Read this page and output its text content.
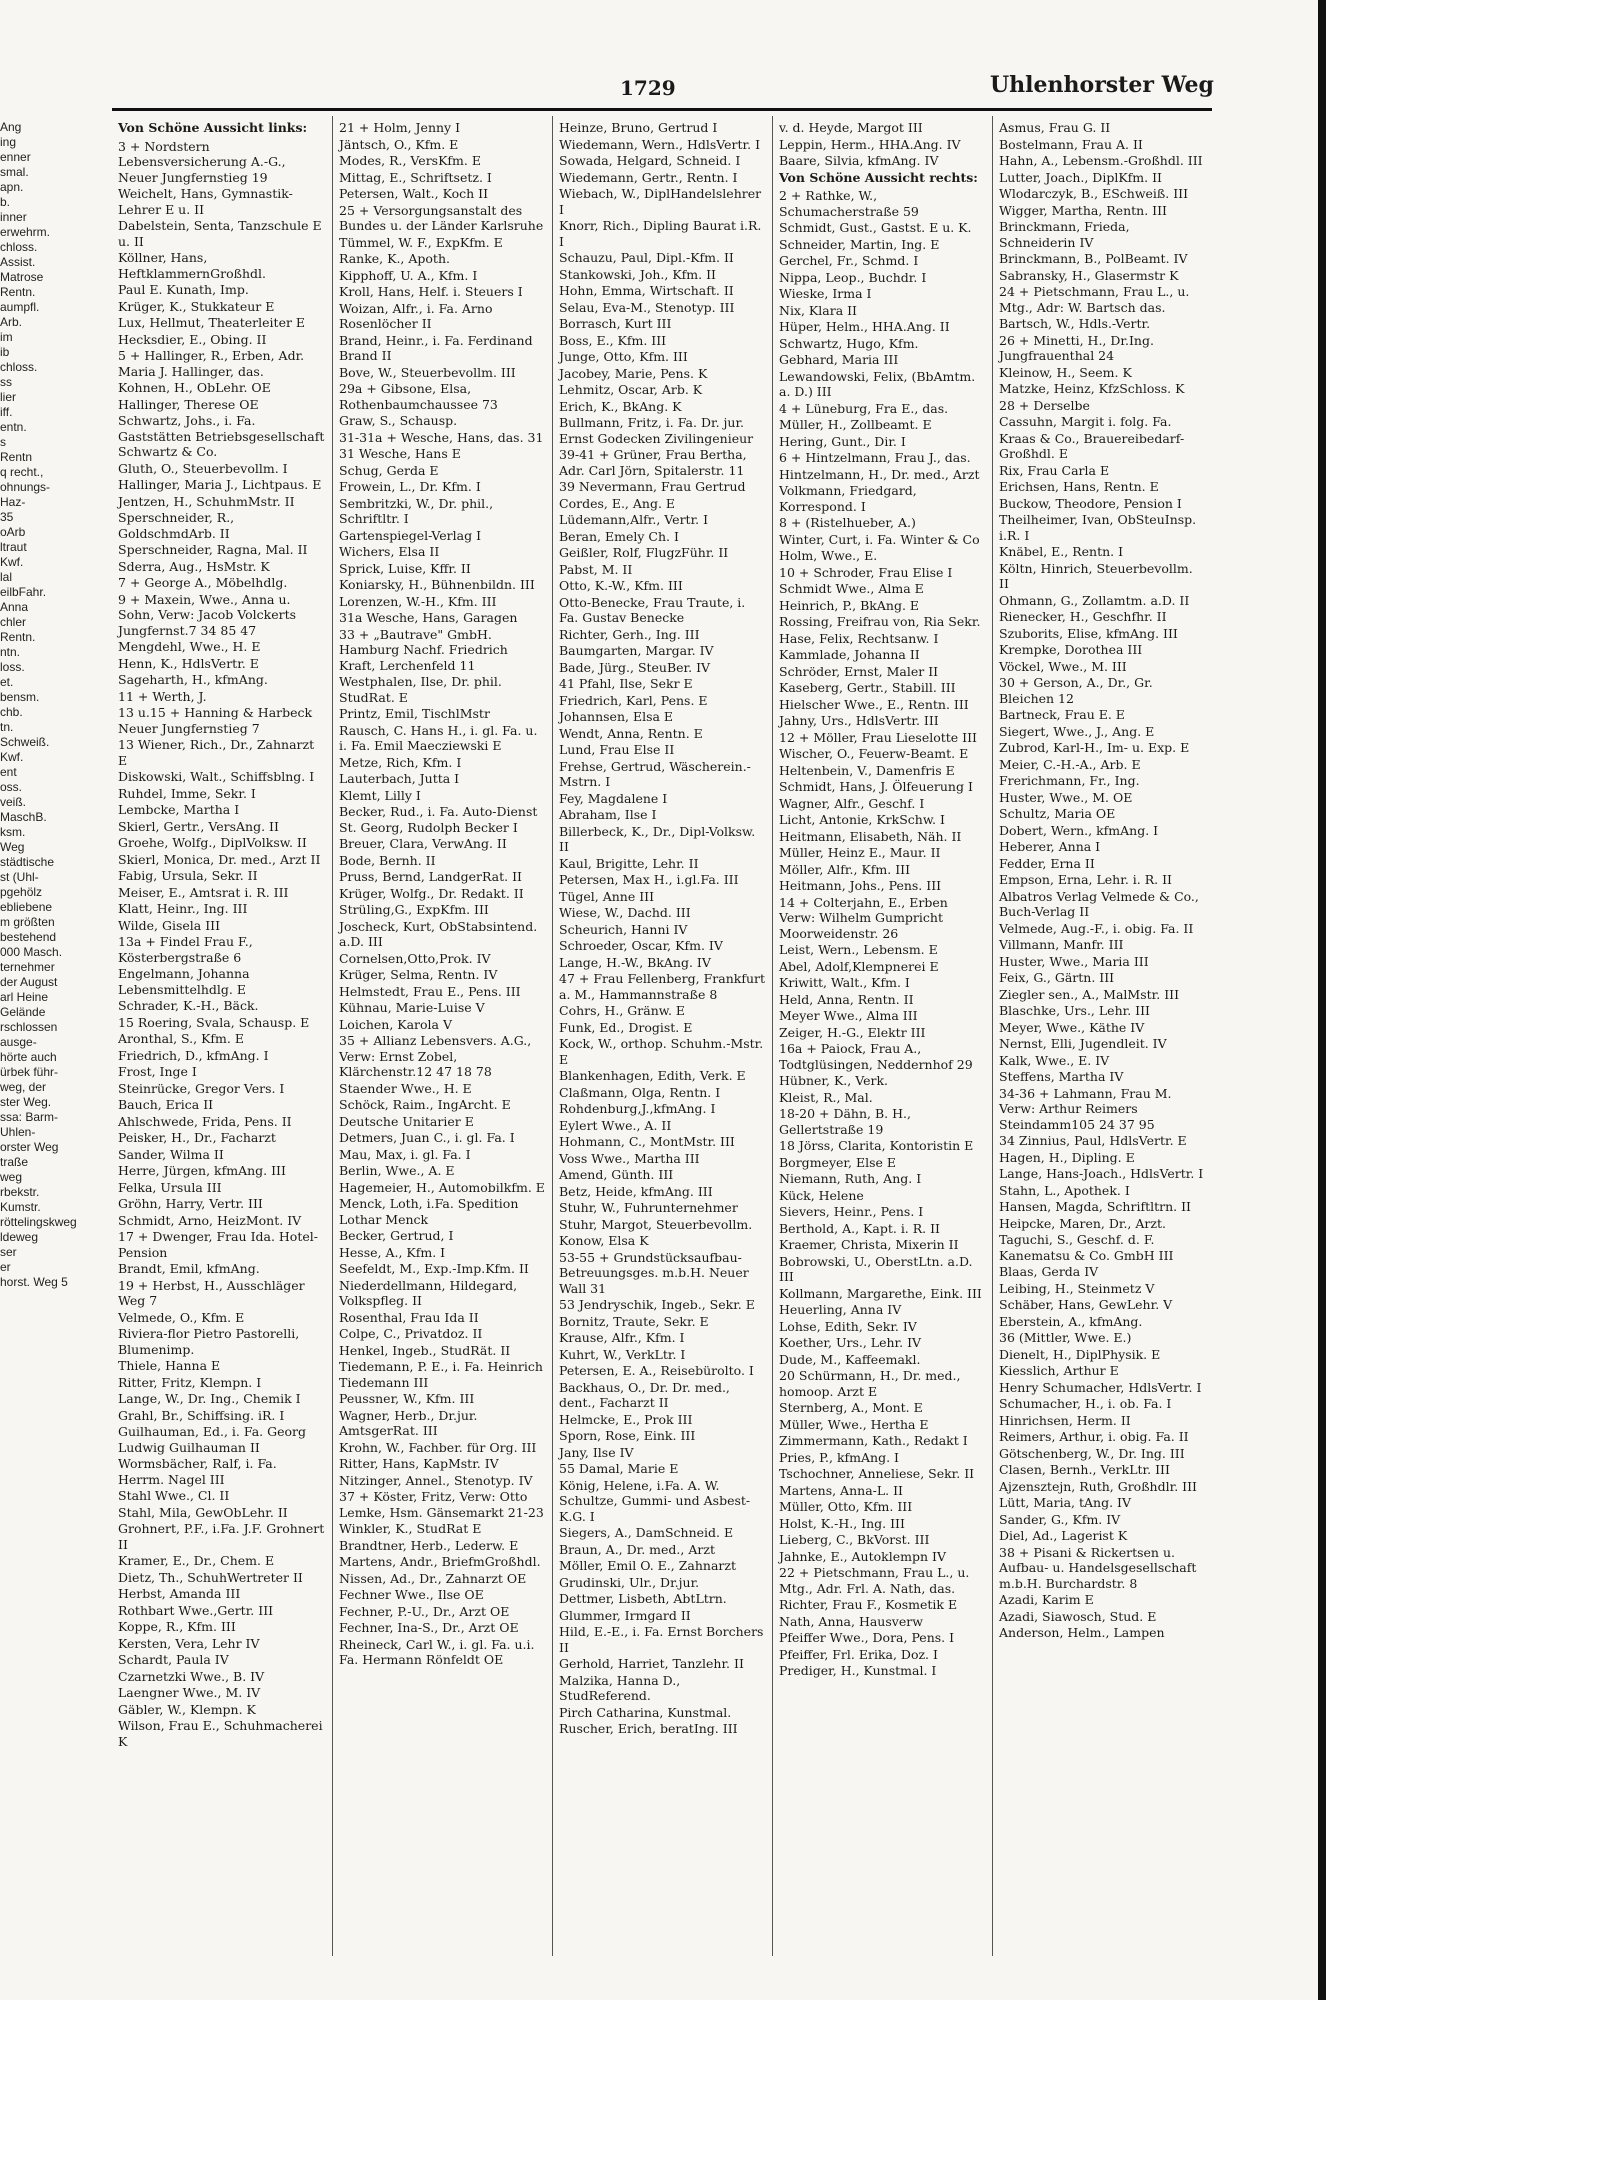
Ang
ing
enner
smal.
apn.
b.
inner
erwehrm.
chloss.
Assist.
Matrose
Rentn.
aumpfl.
Arb.
im
ib
chloss.
ss
lier
iff.
entn.
s
Rentn
q recht.,
ohnungs-
Haz-
35
oArb
ltraut
Kwf.
lal
eilbFahr.
Anna
chler
Rentn.
ntn.
loss.
et.
bensm.
chb.
tn.
Schweiß.
Kwf.
ent
oss.
veiß.
MaschB.
ksm.
Weg
städtische
st (Uhl-
pgehölz
ebliebene
m größten
bestehend
000 Masch.
ternehmer
der August
arl Heine
Gelände
rschlossen
ausge-
hörte auch
ürbek führ-
weg, der
ster Weg.
ssa: Barm-
Uhlen-
orster Weg
traße
weg
rbekstr.
Kumstr.
röttelingskweg
ldeweg
ser
er
horst. Weg 5
1729	Uhlenhorster Weg
Von Schöne Aussicht links:
3 + Nordstern Lebensversicherung A.-G., Neuer Jungfernstieg 19
Weichelt, Hans, Gymnastik-Lehrer E u. II
Dabelstein, Senta, Tanzschule E u. II
Köllner, Hans, HeftklammernGroßhdl.
Paul E. Kunath, Imp.
Krüger, K., Stukkateur E
Lux, Hellmut, Theaterleiter E
Hecksdier, E., Obing. II
5 + Hallinger, R., Erben, Adr. Maria J. Hallinger, das.
Kohnen, H., ObLehr. OE
Hallinger, Therese OE
Schwartz, Johs., i. Fa. Gaststätten Betriebsgesellschaft Schwartz & Co.
Gluth, O., Steuerbevollm. I
Hallinger, Maria J., Lichtpaus. E
Jentzen, H., SchuhmMstr. II
Sperschneider, R., GoldschmdArb. II
Sperschneider, Ragna, Mal. II
Sderra, Aug., HsMstr. K
7 + George A., Möbelhdlg.
9 + Maxein, Wwe., Anna u. Sohn, Verw: Jacob Volckerts Jungfernst.7 34 85 47
Mengdehl, Wwe., H. E
Henn, K., HdlsVertr. E
Sageharth, H., kfmAng.
11 + Werth, J.
13 u.15 + Hanning & Harbeck Neuer Jungfernstieg 7
13 Wiener, Rich., Dr., Zahnarzt E
Diskowski, Walt., Schiffsblng. I
Ruhdel, Imme, Sekr. I
Lembcke, Martha I
Skierl, Gertr., VersAng. II
Groehe, Wolfg., DiplVolksw. II
Skierl, Monica, Dr. med., Arzt II
Fabig, Ursula, Sekr. II
Meiser, E., Amtsrat i. R. III
Klatt, Heinr., Ing. III
Wilde, Gisela III
13a + Findel Frau F., Kösterbergstraße 6
Engelmann, Johanna Lebensmittelhdlg. E
Schrader, K.-H., Bäck.
15 Roering, Svala, Schausp. E
Aronthal, S., Kfm. E
Friedrich, D., kfmAng. I
Frost, Inge I
Steinrücke, Gregor Vers. I
Bauch, Erica II
Ahlschwede, Frida, Pens. II
Peisker, H., Dr., Facharzt
Sander, Wilma II
Herre, Jürgen, kfmAng. III
Felka, Ursula III
Gröhn, Harry, Vertr. III
Schmidt, Arno, HeizMont. IV
17 + Dwenger, Frau Ida. Hotel-Pension
Brandt, Emil, kfmAng.
19 + Herbst, H., Ausschläger Weg 7
Velmede, O., Kfm. E
Riviera-flor Pietro Pastorelli, Blumenimp.
Thiele, Hanna E
Ritter, Fritz, Klempn. I
Lange, W., Dr. Ing., Chemik I
Grahl, Br., Schiffsing. iR. I
Guilhauman, Ed., i. Fa. Georg Ludwig Guilhauman II
Wormsbächer, Ralf, i. Fa. Herrm. Nagel III
Stahl Wwe., Cl. II
Stahl, Mila, GewObLehr. II
Grohnert, P.F., i.Fa. J.F. Grohnert II
Kramer, E., Dr., Chem. E
Dietz, Th., SchuhWertreter II
Herbst, Amanda III
Rothbart Wwe.,Gertr. III
Koppe, R., Kfm. III
Kersten, Vera, Lehr IV
Schardt, Paula IV
Czarnetzki Wwe., B. IV
Laengner Wwe., M. IV
Gäbler, W., Klempn. K
Wilson, Frau E., Schuhmacherei K
21 + Holm, Jenny I
Jäntsch, O., Kfm. E
Modes, R., VersKfm. E
Mittag, E., Schriftsetz. I
Petersen, Walt., Koch II
25 + Versorgungsanstalt des Bundes u. der Länder Karlsruhe
Tümmel, W. F., ExpKfm. E
Ranke, K., Apoth.
Kipphoff, U. A., Kfm. I
Kroll, Hans, Helf. i. Steuers I
Woizan, Alfr., i. Fa. Arno Rosenlöcher II
Brand, Heinr., i. Fa. Ferdinand Brand II
Bove, W., Steuerbevollm. III
29a + Gibsone, Elsa, Rothenbaumchaussee 73
Graw, S., Schausp.
31-31a + Wesche, Hans, das. 31
31 Wesche, Hans E
Schug, Gerda E
Frowein, L., Dr. Kfm. I
Sembritzki, W., Dr. phil., Schriftltr. I
Gartenspiegel-Verlag I
Wichers, Elsa II
Sprick, Luise, Kffr. II
Koniarsky, H., Bühnenbildn. III
Lorenzen, W.-H., Kfm. III
31a Wesche, Hans, Garagen
33 + „Bautrave" GmbH. Hamburg Nachf. Friedrich Kraft, Lerchenfeld 11
Westphalen, Ilse, Dr. phil. StudRat. E
Printz, Emil, TischlMstr
Rausch, C. Hans H., i. gl. Fa. u. i. Fa. Emil Maecziewski E
Metze, Rich, Kfm. I
Lauterbach, Jutta I
Klemt, Lilly I
Becker, Rud., i. Fa. Auto-Dienst St. Georg, Rudolph Becker I
Breuer, Clara, VerwAng. II
Bode, Bernh. II
Pruss, Bernd, LandgerRat. II
Krüger, Wolfg., Dr. Redakt. II
Strüling,G., ExpKfm. III
Joscheck, Kurt, ObStabsintend. a.D. III
Cornelsen,Otto,Prok. IV
Krüger, Selma, Rentn. IV
Helmstedt, Frau E., Pens. III
Kühnau, Marie-Luise V
Loichen, Karola V
35 + Allianz Lebensvers. A.G., Verw: Ernst Zobel, Klärchenstr.12 47 18 78
Staender Wwe., H. E
Schöck, Raim., IngArcht. E
Deutsche Unitarier E
Detmers, Juan C., i. gl. Fa. I
Mau, Max, i. gl. Fa. I
Berlin, Wwe., A. E
Hagemeier, H., Automobilkfm. E
Menck, Loth, i.Fa. Spedition Lothar Menck
Becker, Gertrud, I
Hesse, A., Kfm. I
Seefeldt, M., Exp.-Imp.Kfm. II
Niederdellmann, Hildegard, Volkspfleg. II
Rosenthal, Frau Ida II
Colpe, C., Privatdoz. II
Henkel, Ingeb., StudRät. II
Tiedemann, P. E., i. Fa. Heinrich Tiedemann III
Peussner, W., Kfm. III
Wagner, Herb., Dr.jur. AmtsgerRat. III
Krohn, W., Fachber. für Org. III
Ritter, Hans, KapMstr. IV
Nitzinger, Annel., Stenotyp. IV
37 + Köster, Fritz, Verw: Otto Lemke, Hsm. Gänsemarkt 21-23
Winkler, K., StudRat E
Brandtner, Herb., Lederw. E
Martens, Andr., BriefmGroßhdl.
Nissen, Ad., Dr., Zahnarzt OE
Fechner Wwe., Ilse OE
Fechner, P.-U., Dr., Arzt OE
Fechner, Ina-S., Dr., Arzt OE
Rheineck, Carl W., i. gl. Fa. u.i. Fa. Hermann Rönfeldt OE
Heinze, Bruno, Gertrud I
Wiedemann, Wern., HdlsVertr. I
Sowada, Helgard, Schneid. I
Wiedemann, Gertr., Rentn. I
Wiebach, W., DiplHandelslehrer I
Knorr, Rich., Dipling Baurat i.R. I
Schauzu, Paul, Dipl.-Kfm. II
Stankowski, Joh., Kfm. II
Hohn, Emma, Wirtschaft. II
Selau, Eva-M., Stenotyp. III
Borrasch, Kurt III
Boss, E., Kfm. III
Junge, Otto, Kfm. III
Jacobey, Marie, Pens. K
Lehmitz, Oscar, Arb. K
Erich, K., BkAng. K
Bullmann, Fritz, i. Fa. Dr. jur. Ernst Godecken Zivilingenieur
39-41 + Grüner, Frau Bertha, Adr. Carl Jörn, Spitalerstr. 11
39 Nevermann, Frau Gertrud
Cordes, E., Ang. E
Lüdemann,Alfr., Vertr. I
Beran, Emely Ch. I
Geißler, Rolf, FlugzFühr. II
Pabst, M. II
Otto, K.-W., Kfm. III
Otto-Benecke, Frau Traute, i. Fa. Gustav Benecke
Richter, Gerh., Ing. III
Baumgarten, Margar. IV
Bade, Jürg., SteuBer. IV
41 Pfahl, Ilse, Sekr E
Friedrich, Karl, Pens. E
Johannsen, Elsa E
Wendt, Anna, Rentn. E
Lund, Frau Else II
Frehse, Gertrud, Wäscherein.-Mstrn. I
Fey, Magdalene I
Abraham, Ilse I
Billerbeck, K., Dr., Dipl-Volksw. II
Kaul, Brigitte, Lehr. II
Petersen, Max H., i.gl.Fa. III
Tügel, Anne III
Wiese, W., Dachd. III
Scheurich, Hanni IV
Schroeder, Oscar, Kfm. IV
Lange, H.-W., BkAng. IV
47 + Frau Fellenberg, Frankfurt a. M., Hammannstraße 8
Cohrs, H., Gränw. E
Funk, Ed., Drogist. E
Kock, W., orthop. Schuhm.-Mstr. E
Blankenhagen, Edith, Verk. E
Claßmann, Olga, Rentn. I
Rohdenburg,J.,kfmAng. I
Eylert Wwe., A. II
Hohmann, C., MontMstr. III
Voss Wwe., Martha III
Amend, Günth. III
Betz, Heide, kfmAng. III
Stuhr, W., Fuhrunternehmer
Stuhr, Margot, Steuerbevollm.
Konow, Elsa K
53-55 + Grundstücksaufbau-Betreuungsges. m.b.H. Neuer Wall 31
53 Jendryschik, Ingeb., Sekr. E
Bornitz, Traute, Sekr. E
Krause, Alfr., Kfm. I
Kuhrt, W., VerkLtr. I
Petersen, E. A., Reisebürolto. I
Backhaus, O., Dr. Dr. med., dent., Facharzt II
Helmcke, E., Prok III
Sporn, Rose, Eink. III
Jany, Ilse IV
55 Damal, Marie E
König, Helene, i.Fa. A. W. Schultze, Gummi- und Asbest-K.G. I
Siegers, A., DamSchneid. E
Braun, A., Dr. med., Arzt
Möller, Emil O. E., Zahnarzt
Grudinski, Ulr., Dr.jur.
Dettmer, Lisbeth, AbtLtrn.
Glummer, Irmgard II
Hild, E.-E., i. Fa. Ernst Borchers II
Gerhold, Harriet, Tanzlehr. II
Malzika, Hanna D., StudReferend.
Pirch Catharina, Kunstmal.
Ruscher, Erich, beratIng. III
v. d. Heyde, Margot III
Leppin, Herm., HHA.Ang. IV
Baare, Silvia, kfmAng. IV
Von Schöne Aussicht rechts:
2 + Rathke, W., Schumacherstraße 59
Schmidt, Gust., Gastst. E u. K.
Schneider, Martin, Ing. E
Gerchel, Fr., Schmd. I
Nippa, Leop., Buchdr. I
Wieske, Irma I
Nix, Klara II
Hüper, Helm., HHA.Ang. II
Schwartz, Hugo, Kfm.
Gebhard, Maria III
Lewandowski, Felix, (BbAmtm. a. D.) III
4 + Lüneburg, Fra E., das.
Müller, H., Zollbeamt. E
Hering, Gunt., Dir. I
6 + Hintzelmann, Frau J., das.
Hintzelmann, H., Dr. med., Arzt
Volkmann, Friedgard, Korrespond. I
8 + (Ristelhueber, A.)
Winter, Curt, i. Fa. Winter & Co
Holm, Wwe., E.
10 + Schroder, Frau Elise I
Schmidt Wwe., Alma E
Heinrich, P., BkAng. E
Rossing, Freifrau von, Ria Sekr.
Hase, Felix, Rechtsanw. I
Kammlade, Johanna II
Schröder, Ernst, Maler II
Kaseberg, Gertr., Stabill. III
Hielscher Wwe., E., Rentn. III
Jahny, Urs., HdlsVertr. III
12 + Möller, Frau Lieselotte III
Wischer, O., Feuerw-Beamt. E
Heltenbein, V., Damenfris E
Schmidt, Hans, J. Ölfeuerung I
Wagner, Alfr., Geschf. I
Licht, Antonie, KrkSchw. I
Heitmann, Elisabeth, Näh. II
Müller, Heinz E., Maur. II
Möller, Alfr., Kfm. III
Heitmann, Johs., Pens. III
14 + Colterjahn, E., Erben Verw: Wilhelm Gumpricht Moorweidenstr. 26
Leist, Wern., Lebensm. E
Abel, Adolf,Klempnerei E
Kriwitt, Walt., Kfm. I
Held, Anna, Rentn. II
Meyer Wwe., Alma III
Zeiger, H.-G., Elektr III
16a + Paiock, Frau A., Todtglüsingen, Neddernhof 29
Hübner, K., Verk.
Kleist, R., Mal.
18-20 + Dähn, B. H., Gellertstraße 19
18 Jörss, Clarita, Kontoristin E
Borgmeyer, Else E
Niemann, Ruth, Ang. I
Kück, Helene
Sievers, Heinr., Pens. I
Berthold, A., Kapt. i. R. II
Kraemer, Christa, Mixerin II
Bobrowski, U., OberstLtn. a.D. III
Kollmann, Margarethe, Eink. III
Heuerling, Anna IV
Lohse, Edith, Sekr. IV
Koether, Urs., Lehr. IV
Dude, M., Kaffeemakl.
20 Schürmann, H., Dr. med., homoop. Arzt E
Sternberg, A., Mont. E
Müller, Wwe., Hertha E
Zimmermann, Kath., Redakt I
Pries, P., kfmAng. I
Tschochner, Anneliese, Sekr. II
Martens, Anna-L. II
Müller, Otto, Kfm. III
Holst, K.-H., Ing. III
Lieberg, C., BkVorst. III
Jahnke, E., Autoklempn IV
22 + Pietschmann, Frau L., u. Mtg., Adr. Frl. A. Nath, das.
Richter, Frau F., Kosmetik E
Nath, Anna, Hausverw
Pfeiffer Wwe., Dora, Pens. I
Pfeiffer, Frl. Erika, Doz. I
Prediger, H., Kunstmal. I
Asmus, Frau G. II
Bostelmann, Frau A. II
Hahn, A., Lebensm.-Großhdl. III
Lutter, Joach., DiplKfm. II
Wlodarczyk, B., ESchweiß. III
Wigger, Martha, Rentn. III
Brinckmann, Frieda, Schneiderin IV
Brinckmann, B., PolBeamt. IV
Sabransky, H., Glasermstr K
24 + Pietschmann, Frau L., u. Mtg., Adr: W. Bartsch das.
Bartsch, W., Hdls.-Vertr.
26 + Minetti, H., Dr.Ing. Jungfrauenthal 24
Kleinow, H., Seem. K
Matzke, Heinz, KfzSchloss. K
28 + Derselbe
Cassuhn, Margit i. folg. Fa.
Kraas & Co., Brauereibedarf-Großhdl. E
Rix, Frau Carla E
Erichsen, Hans, Rentn. E
Buckow, Theodore, Pension I
Theilheimer, Ivan, ObSteuInsp. i.R. I
Knäbel, E., Rentn. I
Költn, Hinrich, Steuerbevollm. II
Ohmann, G., Zollamtm. a.D. II
Rienecker, H., Geschfhr. II
Szuborits, Elise, kfmAng. III
Krempke, Dorothea III
Vöckel, Wwe., M. III
30 + Gerson, A., Dr., Gr. Bleichen 12
Bartneck, Frau E. E
Siegert, Wwe., J., Ang. E
Zubrod, Karl-H., Im- u. Exp. E
Meier, C.-H.-A., Arb. E
Frerichmann, Fr., Ing.
Huster, Wwe., M. OE
Schultz, Maria OE
Dobert, Wern., kfmAng. I
Heberer, Anna I
Fedder, Erna II
Empson, Erna, Lehr. i. R. II
Albatros Verlag Velmede & Co., Buch-Verlag II
Velmede, Aug.-F., i. obig. Fa. II
Villmann, Manfr. III
Huster, Wwe., Maria III
Feix, G., Gärtn. III
Ziegler sen., A., MalMstr. III
Blaschke, Urs., Lehr. III
Meyer, Wwe., Käthe IV
Nernst, Elli, Jugendleit. IV
Kalk, Wwe., E. IV
Steffens, Martha IV
34-36 + Lahmann, Frau M. Verw: Arthur Reimers Steindamm105 24 37 95
34 Zinnius, Paul, HdlsVertr. E
Hagen, H., Dipling. E
Lange, Hans-Joach., HdlsVertr. I
Stahn, L., Apothek. I
Hansen, Magda, Schriftltrn. II
Heipcke, Maren, Dr., Arzt.
Taguchi, S., Geschf. d. F. Kanematsu & Co. GmbH III
Blaas, Gerda IV
Leibing, H., Steinmetz V
Schäber, Hans, GewLehr. V
Eberstein, A., kfmAng.
36 (Mittler, Wwe. E.)
Dienelt, H., DiplPhysik. E
Kiesslich, Arthur E
Henry Schumacher, HdlsVertr. I
Schumacher, H., i. ob. Fa. I
Hinrichsen, Herm. II
Reimers, Arthur, i. obig. Fa. II
Götschenberg, W., Dr. Ing. III
Clasen, Bernh., VerkLtr. III
Ajzensztejn, Ruth, Großhdlr. III
Lütt, Maria, tAng. IV
Sander, G., Kfm. IV
Diel, Ad., Lagerist K
38 + Pisani & Rickertsen u. Aufbau- u. Handelsgesellschaft m.b.H. Burchardstr. 8
Azadi, Karim E
Azadi, Siawosch, Stud. E
Anderson, Helm., Lampen
